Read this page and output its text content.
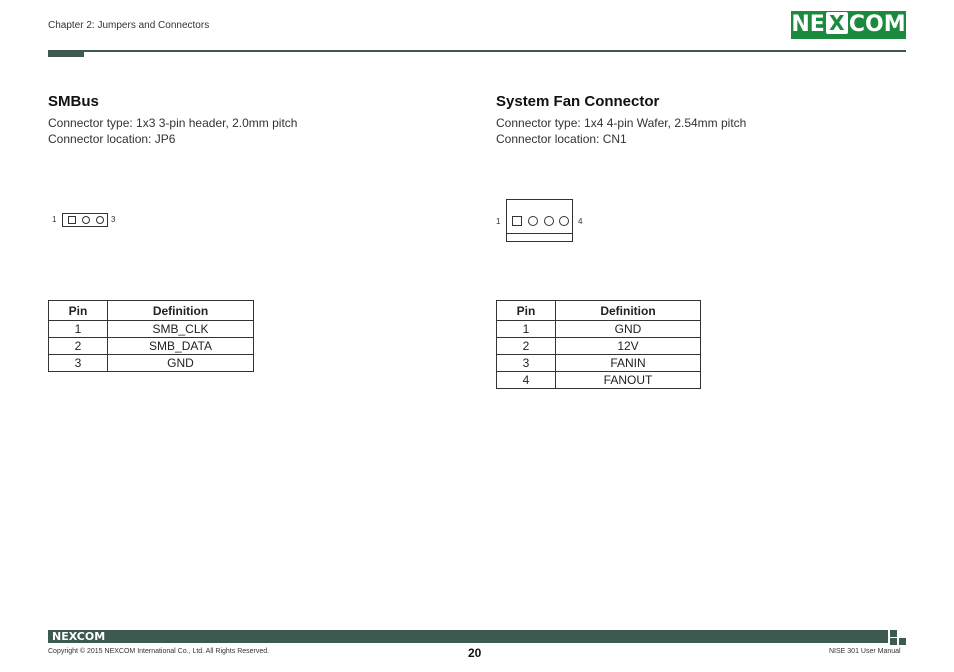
Chapter 2: Jumpers and Connectors	NE X COM
SMBus
Connector type: 1x3 3-pin header, 2.0mm pitch
Connector location: JP6
1	3
Pin	Definition
1	SMB_CLK
2	SMB_DATA
3	GND
System Fan Connector
Connector type: 1x4 4-pin Wafer, 2.54mm pitch
Connector location: CN1
1	4
Pin	Definition
1	GND
2	12V
3	FANIN
4	FANOUT
NEXCOM
Copyright © 2015 NEXCOM International Co., Ltd. All Rights Reserved.	20	NISE 301 User Manual
